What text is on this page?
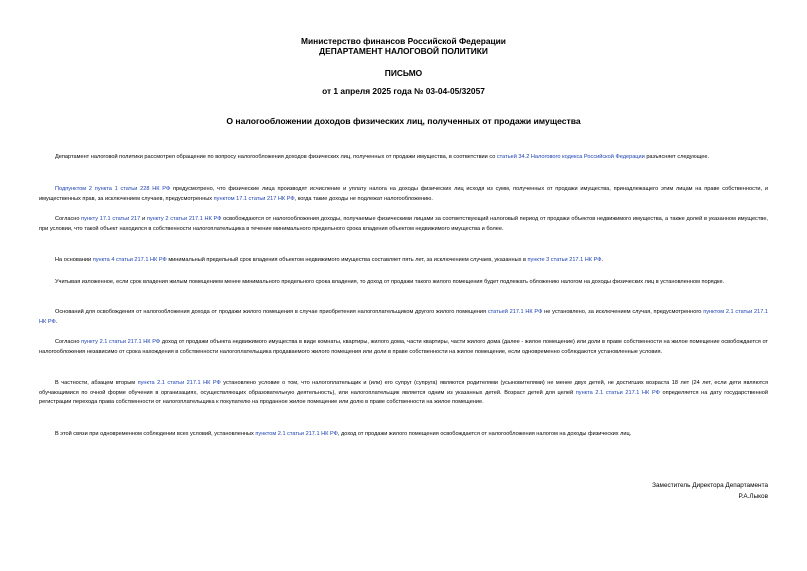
Министерство финансов Российской Федерации
ДЕПАРТАМЕНТ НАЛОГОВОЙ ПОЛИТИКИ
ПИСЬМО
от 1 апреля 2025 года № 03-04-05/32057
О налогообложении доходов физических лиц, полученных от продажи имущества

Департамент налоговой политики рассмотрел обращение по вопросу налогообложения доходов физических лиц, полученных от продажи имущества, в соответствии со статьей 34.2 Налогового кодекса Российской Федерации разъясняет следующее.

Подпунктом 2 пункта 1 статьи 228 НК РФ предусмотрено, что физические лица производят исчисление и уплату налога на доходы физических лиц исходя из сумм, полученных от продажи имущества, принадлежащего этим лицам на праве собственности, и имущественных прав, за исключением случаев, предусмотренных пунктом 17.1 статьи 217 НК РФ, когда такие доходы не подлежат налогообложению.

Согласно пункту 17.1 статьи 217 и пункту 2 статьи 217.1 НК РФ освобождаются от налогообложения доходы, получаемые физическими лицами за соответствующий налоговый период от продажи объектов недвижимого имущества, а также долей в указанном имуществе, при условии, что такой объект находился в собственности налогоплательщика в течение минимального предельного срока владения объектом недвижимого имущества и более.

На основании пункта 4 статьи 217.1 НК РФ минимальный предельный срок владения объектом недвижимого имущества составляет пять лет, за исключением случаев, указанных в пункте 3 статьи 217.1 НК РФ.

Учитывая изложенное, если срок владения жилым помещением менее минимального предельного срока владения, то доход от продажи такого жилого помещения будет подлежать обложению налогом на доходы физических лиц в установленном порядке.

Оснований для освобождения от налогообложения дохода от продажи жилого помещения в случае приобретения налогоплательщиком другого жилого помещения статьей 217.1 НК РФ не установлено, за исключением случая, предусмотренного пунктом 2.1 статьи 217.1 НК РФ.

Согласно пункту 2.1 статьи 217.1 НК РФ доход от продажи объекта недвижимого имущества в виде комнаты, квартиры, жилого дома, части квартиры, части жилого дома (далее - жилое помещение) или доли в праве собственности на жилое помещение освобождается от налогообложения независимо от срока нахождения в собственности налогоплательщика продаваемого жилого помещения или доли в праве собственности на жилое помещение, если одновременно соблюдаются установленные условия.

В частности, абзацем вторым пункта 2.1 статьи 217.1 НК РФ установлено условие о том, что налогоплательщик и (или) его супруг (супруга) являются родителями (усыновителями) не менее двух детей, не достигших возраста 18 лет (24 лет, если дети являются обучающимися по очной форме обучения в организациях, осуществляющих образовательную деятельность), или налогоплательщик является одним из указанных детей. Возраст детей для целей пункта 2.1 статьи 217.1 НК РФ определяется на дату государственной регистрации перехода права собственности от налогоплательщика к покупателю на проданное жилое помещение или долю в праве собственности на жилое помещение.

В этой связи при одновременном соблюдении всех условий, установленных пунктом 2.1 статьи 217.1 НК РФ, доход от продажи жилого помещения освобождается от налогообложения налогом на доходы физических лиц.

Заместитель Директора Департамента
Р.А.Лыков
